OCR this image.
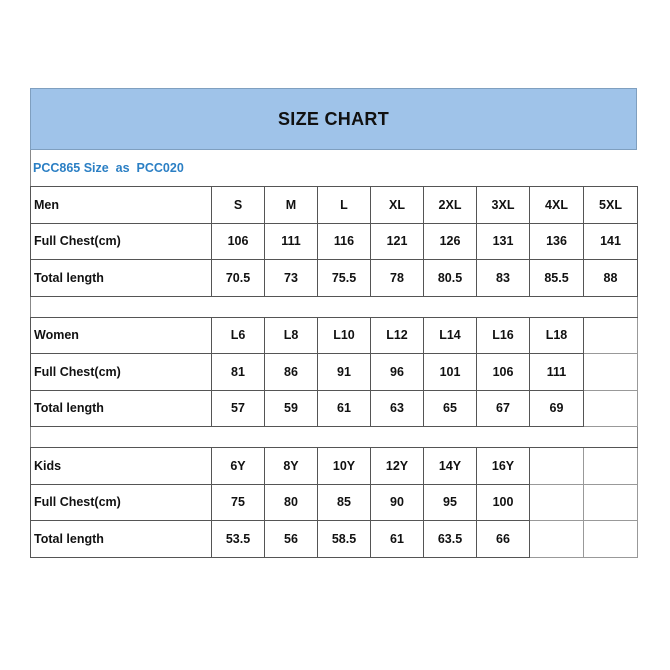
SIZE CHART
PCC865 Size  as  PCC020
Men	S	M	L	XL	2XL	3XL	4XL	5XL
Full Chest(cm)	106	111	116	121	126	131	136	141
Total length	70.5	73	75.5	78	80.5	83	85.5	88

Women	L6	L8	L10	L12	L14	L16	L18	
Full Chest(cm)	81	86	91	96	101	106	111	
Total length	57	59	61	63	65	67	69	

Kids	6Y	8Y	10Y	12Y	14Y	16Y		
Full Chest(cm)	75	80	85	90	95	100		
Total length	53.5	56	58.5	61	63.5	66		
